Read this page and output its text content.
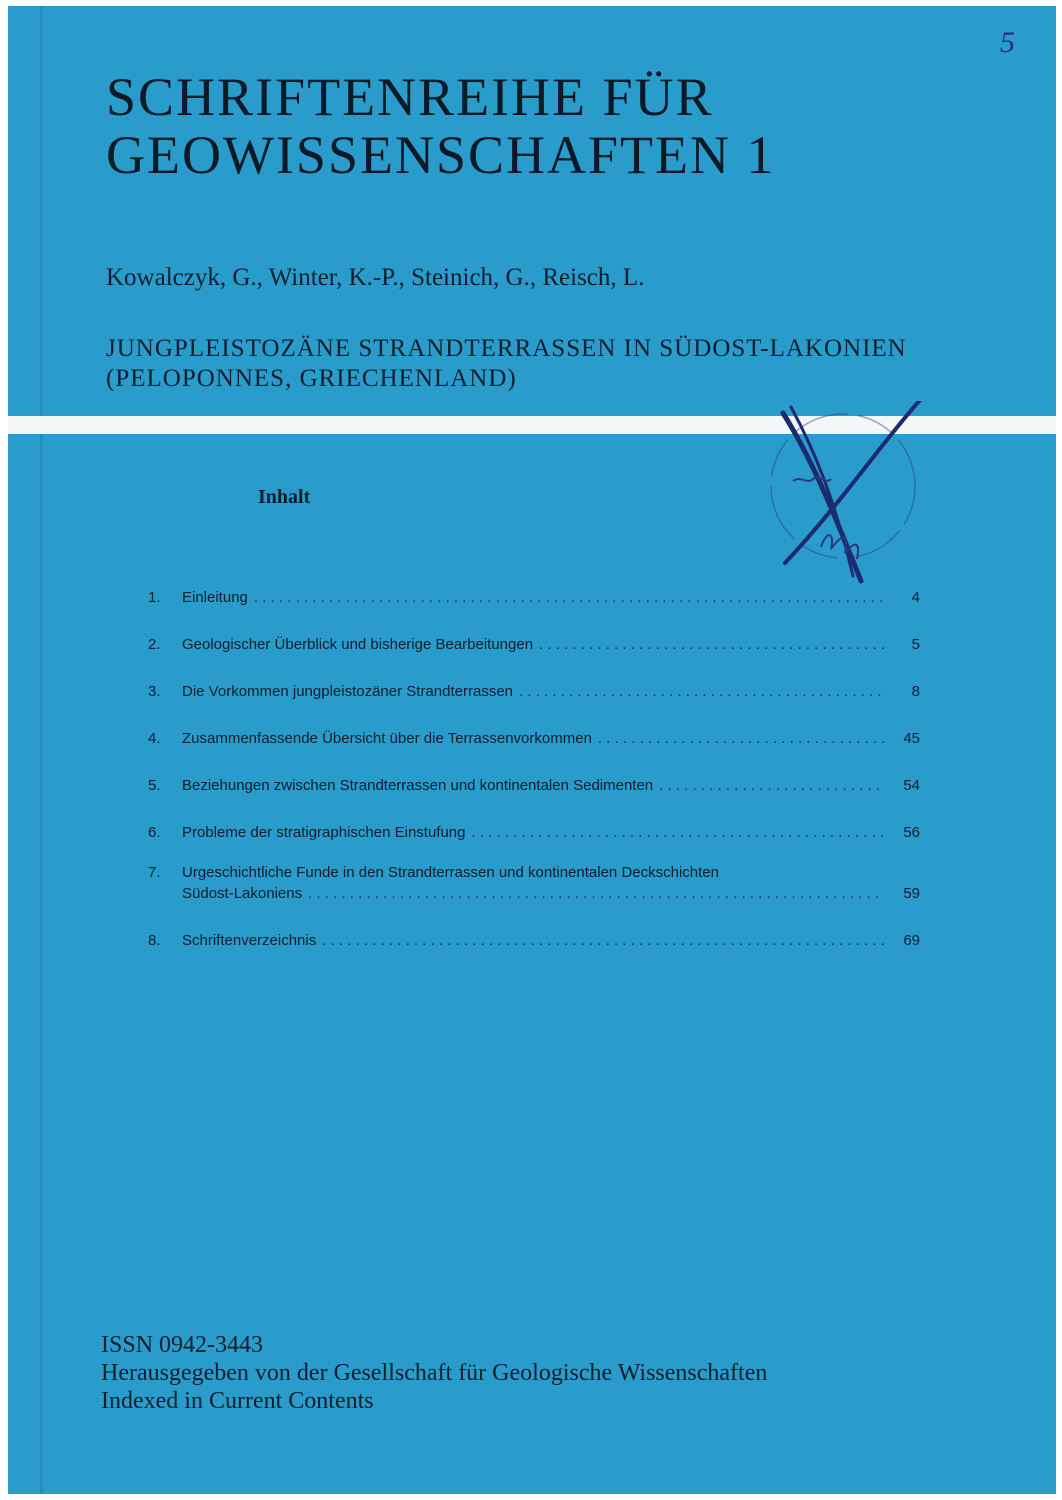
5
SCHRIFTENREIHE FÜR
GEOWISSENSCHAFTEN 1
Kowalczyk, G., Winter, K.-P., Steinich, G., Reisch, L.
JUNGPLEISTOZÄNE STRANDTERRASSEN IN SÜDOST-LAKONIEN
(PELOPONNES, GRIECHENLAND)
Inhalt
1.	Einleitung . . .	4
2.	Geologischer Überblick und bisherige Bearbeitungen . . .	5
3.	Die Vorkommen jungpleistozäner Strandterrassen . . .	8
4.	Zusammenfassende Übersicht über die Terrassenvorkommen . . .	45
5.	Beziehungen zwischen Strandterrassen und kontinentalen Sedimenten . . .	54
6.	Probleme der stratigraphischen Einstufung . . .	56
7.	Urgeschichtliche Funde in den Strandterrassen und kontinentalen Deckschichten
Südost-Lakoniens . . .	59
8.	Schriftenverzeichnis . . .	69
ISSN 0942-3443
Herausgegeben von der Gesellschaft für Geologische Wissenschaften
Indexed in Current Contents
